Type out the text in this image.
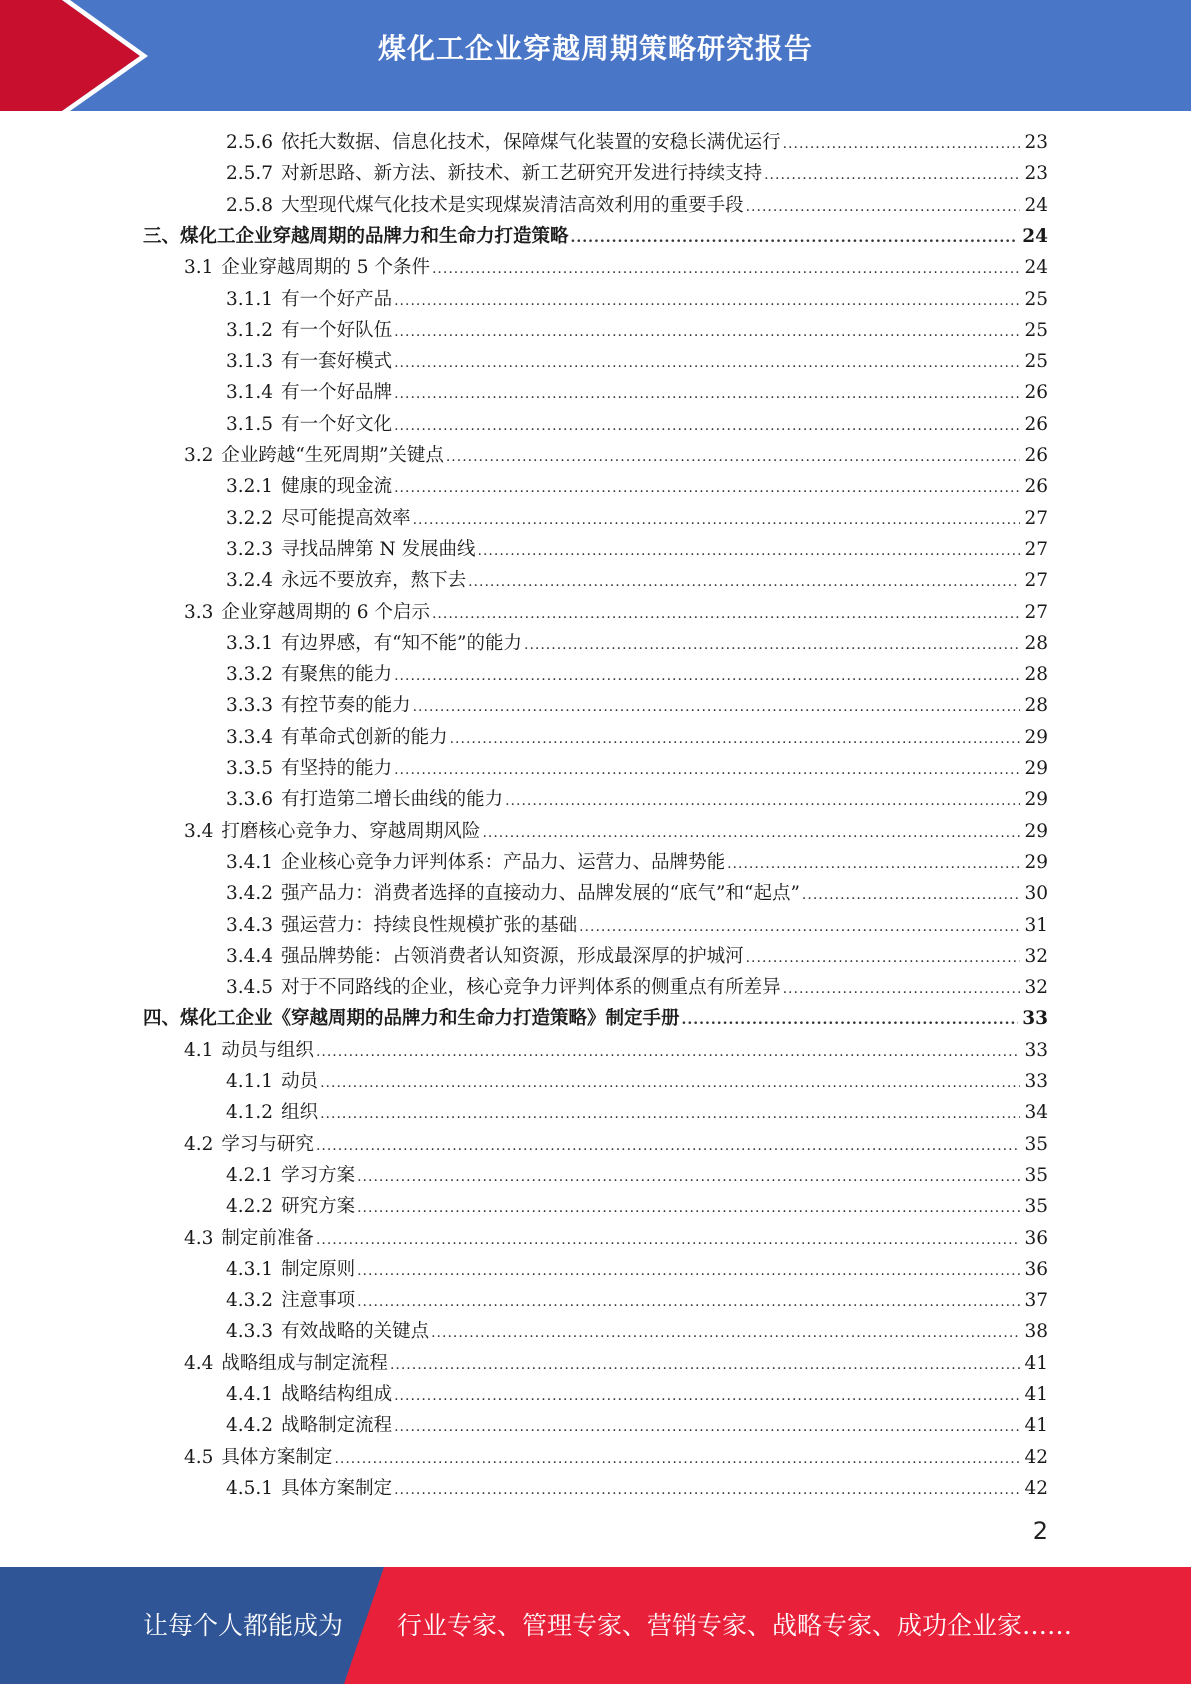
煤化工企业穿越周期策略研究报告
2.5.6 依托大数据、信息化技术，保障煤气化装置的安稳长满优运行 .....	23
2.5.7 对新思路、新方法、新技术、新工艺研究开发进行持续支持 .....	23
2.5.8 大型现代煤气化技术是实现煤炭清洁高效利用的重要手段 .....	24
三、煤化工企业穿越周期的品牌力和生命力打造策略 .....	24
3.1 企业穿越周期的 5 个条件 .....	24
3.1.1 有一个好产品 .....	25
3.1.2 有一个好队伍 .....	25
3.1.3 有一套好模式 .....	25
3.1.4 有一个好品牌 .....	26
3.1.5 有一个好文化 .....	26
3.2 企业跨越“生死周期”关键点 .....	26
3.2.1 健康的现金流 .....	26
3.2.2 尽可能提高效率 .....	27
3.2.3 寻找品牌第 N 发展曲线 .....	27
3.2.4 永远不要放弃，熬下去 .....	27
3.3 企业穿越周期的 6 个启示 .....	27
3.3.1 有边界感，有“知不能”的能力 .....	28
3.3.2 有聚焦的能力 .....	28
3.3.3 有控节奏的能力 .....	28
3.3.4 有革命式创新的能力 .....	29
3.3.5 有坚持的能力 .....	29
3.3.6 有打造第二增长曲线的能力 .....	29
3.4 打磨核心竞争力、穿越周期风险 .....	29
3.4.1 企业核心竞争力评判体系：产品力、运营力、品牌势能 .....	29
3.4.2 强产品力：消费者选择的直接动力、品牌发展的“底气”和“起点” .....	30
3.4.3 强运营力：持续良性规模扩张的基础 .....	31
3.4.4 强品牌势能：占领消费者认知资源，形成最深厚的护城河 .....	32
3.4.5 对于不同路线的企业，核心竞争力评判体系的侧重点有所差异 .....	32
四、煤化工企业《穿越周期的品牌力和生命力打造策略》制定手册 .....	33
4.1 动员与组织 .....	33
4.1.1 动员 .....	33
4.1.2 组织 .....	34
4.2 学习与研究 .....	35
4.2.1 学习方案 .....	35
4.2.2 研究方案 .....	35
4.3 制定前准备 .....	36
4.3.1 制定原则 .....	36
4.3.2 注意事项 .....	37
4.3.3 有效战略的关键点 .....	38
4.4 战略组成与制定流程 .....	41
4.4.1 战略结构组成 .....	41
4.4.2 战略制定流程 .....	41
4.5 具体方案制定 .....	42
4.5.1 具体方案制定 .....	42
2
让每个人都能成为 行业专家、管理专家、营销专家、战略专家、成功企业家……
